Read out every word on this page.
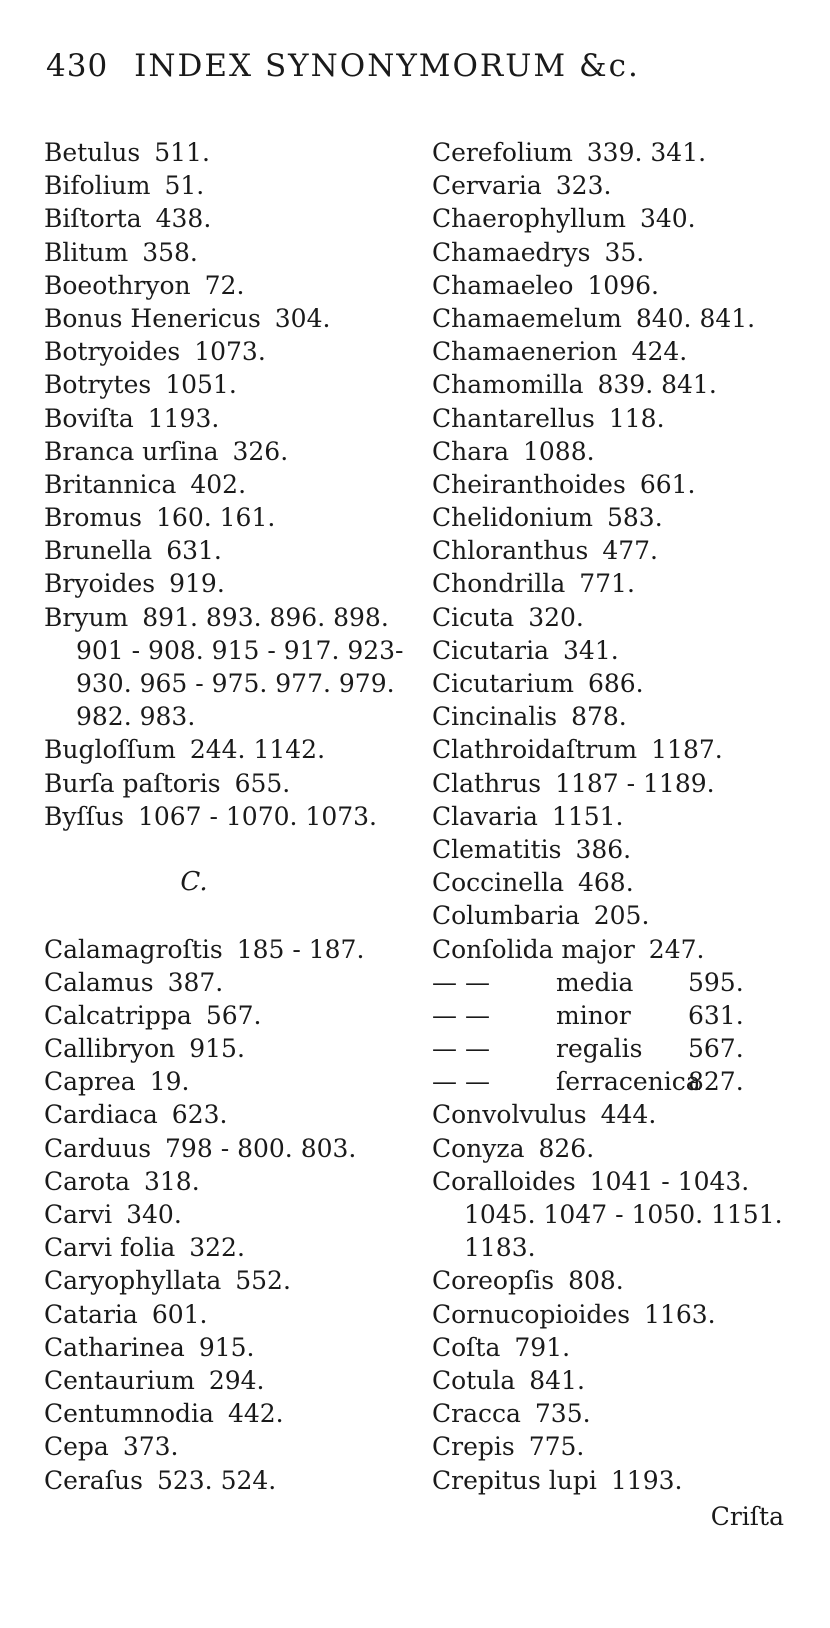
430 INDEX SYNONYMORUM &c.
Betulus 511.
Bifolium 51.
Biſtorta 438.
Blitum 358.
Boeothryon 72.
Bonus Henericus 304.
Botryoides 1073.
Botrytes 1051.
Boviſta 1193.
Branca urſina 326.
Britannica 402.
Bromus 160. 161.
Brunella 631.
Bryoides 919.
Bryum 891. 893. 896. 898.
901 - 908. 915 - 917. 923-
930. 965 - 975. 977. 979.
982. 983.
Bugloſſum 244. 1142.
Burſa paſtoris 655.
Byſſus 1067 - 1070. 1073.
C.
Calamagroſtis 185 - 187.
Calamus 387.
Calcatrippa 567.
Callibryon 915.
Caprea 19.
Cardiaca 623.
Carduus 798 - 800. 803.
Carota 318.
Carvi 340.
Carvi folia 322.
Caryophyllata 552.
Cataria 601.
Catharinea 915.
Centaurium 294.
Centumnodia 442.
Cepa 373.
Ceraſus 523. 524.
Cerefolium 339. 341.
Cervaria 323.
Chaerophyllum 340.
Chamaedrys 35.
Chamaeleo 1096.
Chamaemelum 840. 841.
Chamaenerion 424.
Chamomilla 839. 841.
Chantarellus 118.
Chara 1088.
Cheiranthoides 661.
Chelidonium 583.
Chloranthus 477.
Chondrilla 771.
Cicuta 320.
Cicutaria 341.
Cicutarium 686.
Cincinalis 878.
Clathroidaſtrum 1187.
Clathrus 1187 - 1189.
Clavaria 1151.
Clematitis 386.
Coccinella 468.
Columbaria 205.
Conſolida major 247.
— —	media 595.
— —	minor 631.
— —	regalis 567.
— —	ſerracenica827.
Convolvulus 444.
Conyza 826.
Coralloides 1041 - 1043.
1045. 1047 - 1050. 1151.
1183.
Coreopſis 808.
Cornucopioides 1163.
Coſta 791.
Cotula 841.
Cracca 735.
Crepis 775.
Crepitus lupi 1193.
Criſta
